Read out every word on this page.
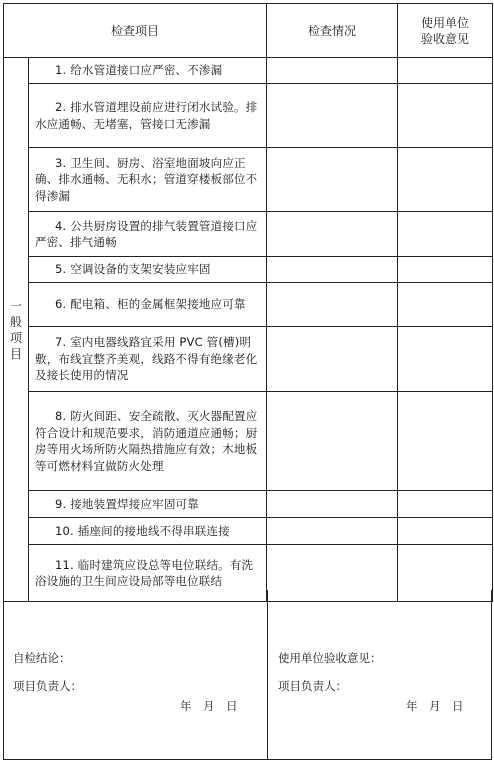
检查项目		检查情况	使用单位
验收意见

一
般
项
目	1. 给水管道接口应严密、不渗漏		
	2. 排水管道埋设前应进行闭水试验。排水应通畅、无堵塞，管接口无渗漏		
	3. 卫生间、厨房、浴室地面坡向应正确、排水通畅、无积水；管道穿楼板部位不得渗漏		
	4. 公共厨房设置的排气装置管道接口应严密、排气通畅		
	5. 空调设备的支架安装应牢固		
	6. 配电箱、柜的金属框架接地应可靠		
	7. 室内电器线路宜采用 PVC 管(槽)明敷，布线宜整齐美观，线路不得有绝缘老化及接长使用的情况		
	8. 防火间距、安全疏散、灭火器配置应符合设计和规范要求，消防通道应通畅；厨房等用火场所防火隔热措施应有效；木地板等可燃材料宜做防火处理		
	9. 接地装置焊接应牢固可靠		
	10. 插座间的接地线不得串联连接		
	11. 临时建筑应设总等电位联结。有洗浴设施的卫生间应设局部等电位联结		
自检结论：
项目负责人：
年　月　日
使用单位验收意见：
项目负责人：
年　月　日
